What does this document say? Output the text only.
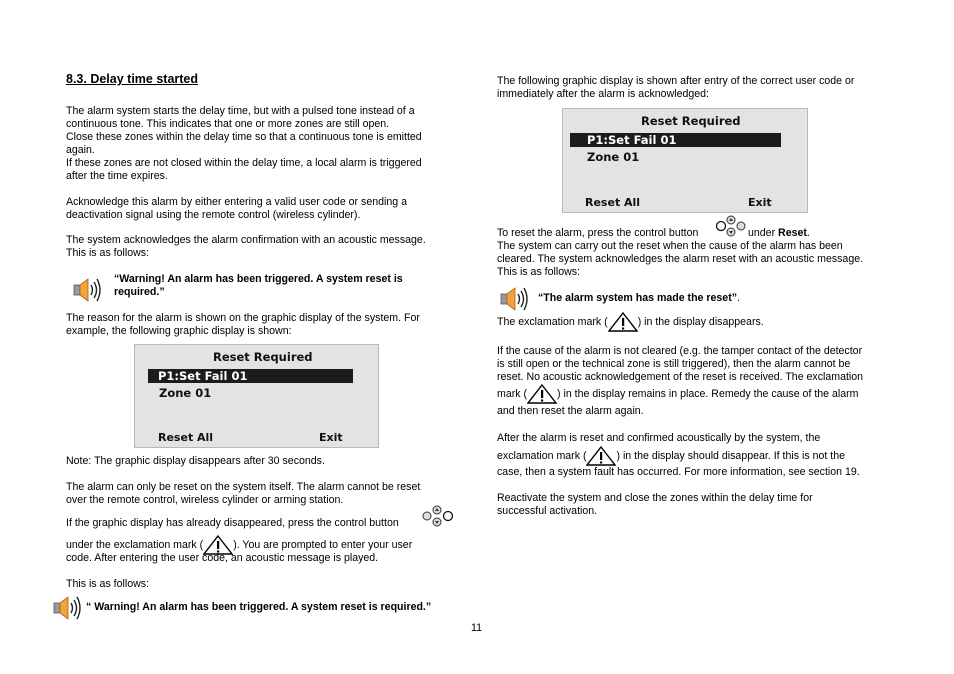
8.3. Delay time started
The alarm system starts the delay time, but with a pulsed tone instead of a
continuous tone. This indicates that one or more zones are still open.
Close these zones within the delay time so that a continuous tone is emitted
again.
If these zones are not closed within the delay time, a local alarm is triggered
after the time expires.
Acknowledge this alarm by either entering a valid user code or sending a
deactivation signal using the remote control (wireless cylinder).
The system acknowledges the alarm confirmation with an acoustic message.
This is as follows:
“Warning! An alarm has been triggered. A system reset is
required.”
The reason for the alarm is shown on the graphic display of the system. For
example, the following graphic display is shown:
Reset Required
P1:Set Fail 01
Zone 01
Reset All	Exit
Note: The graphic display disappears after 30 seconds.
The alarm can only be reset on the system itself. The alarm cannot be reset
over the remote control, wireless cylinder or arming station.
If the graphic display has already disappeared, press the control button
under the exclamation mark (	). You are prompted to enter your user
code. After entering the user code, an acoustic message is played.
This is as follows:
“ Warning! An alarm has been triggered. A system reset is required.”
11
The following graphic display is shown after entry of the correct user code or
immediately after the alarm is acknowledged:
Reset Required
P1:Set Fail 01
Zone 01
Reset All	Exit
To reset the alarm, press the control button	under Reset.
The system can carry out the reset when the cause of the alarm has been
cleared. The system acknowledges the alarm reset with an acoustic message.
This is as follows:
“The alarm system has made the reset”.
The exclamation mark (	) in the display disappears.
If the cause of the alarm is not cleared (e.g. the tamper contact of the detector
is still open or the technical zone is still triggered), then the alarm cannot be
reset. No acoustic acknowledgement of the reset is received. The exclamation
mark (	) in the display remains in place. Remedy the cause of the alarm
and then reset the alarm again.
After the alarm is reset and confirmed acoustically by the system, the
exclamation mark (	) in the display should disappear. If this is not the
case, then a system fault has occurred. For more information, see section 19.
Reactivate the system and close the zones within the delay time for
successful activation.
